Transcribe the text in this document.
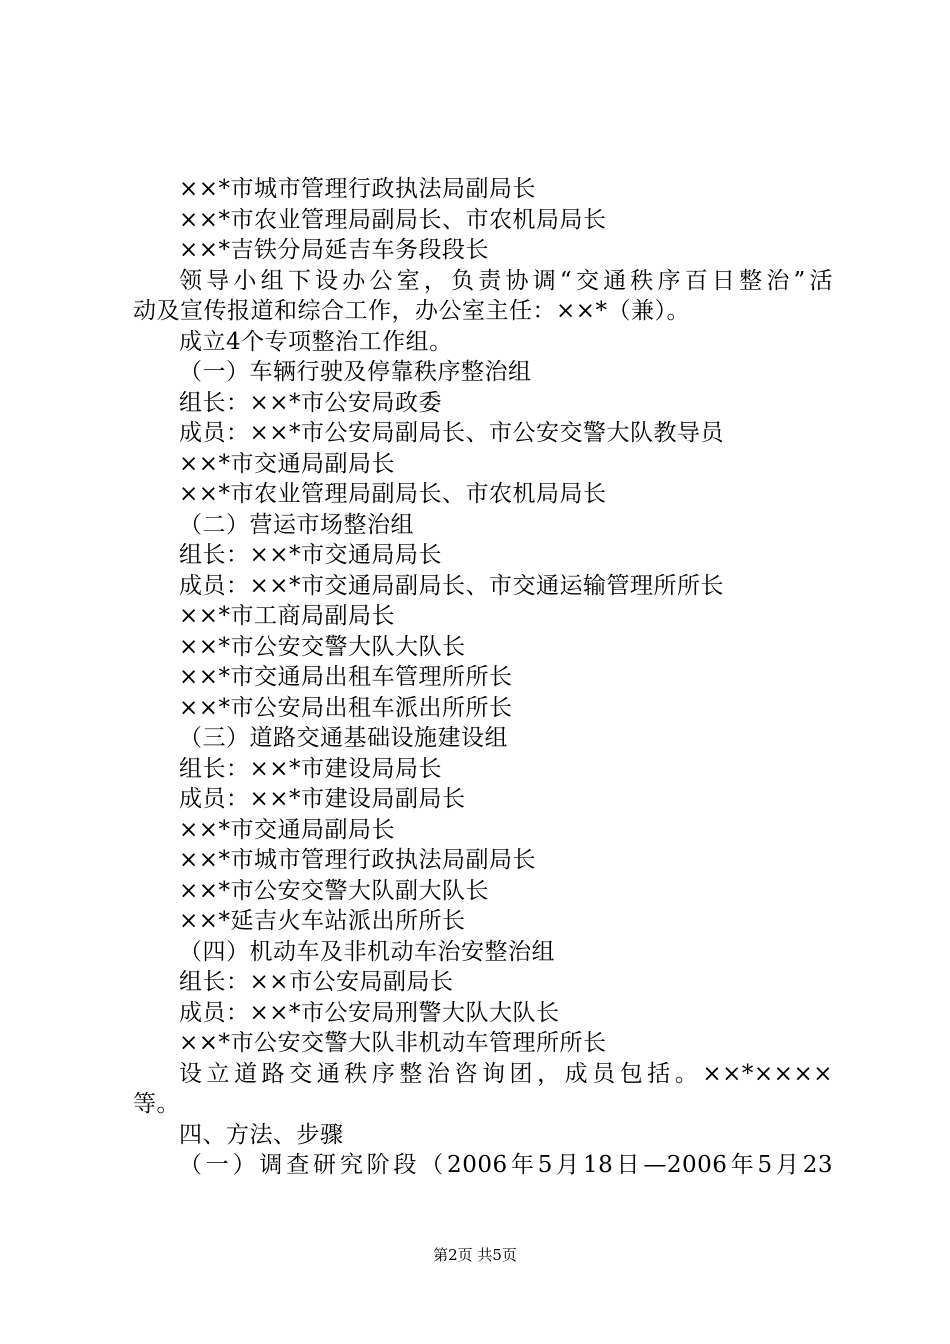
××*市城市管理行政执法局副局长
××*市农业管理局副局长、市农机局局长
××*吉铁分局延吉车务段段长
领导小组下设办公室，负责协调“交通秩序百日整治”活
动及宣传报道和综合工作，办公室主任：××*（兼）。
成立4个专项整治工作组。
（一）车辆行驶及停靠秩序整治组
组长：××*市公安局政委
成员：××*市公安局副局长、市公安交警大队教导员
××*市交通局副局长
××*市农业管理局副局长、市农机局局长
（二）营运市场整治组
组长：××*市交通局局长
成员：××*市交通局副局长、市交通运输管理所所长
××*市工商局副局长
××*市公安交警大队大队长
××*市交通局出租车管理所所长
××*市公安局出租车派出所所长
（三）道路交通基础设施建设组
组长：××*市建设局局长
成员：××*市建设局副局长
××*市交通局副局长
××*市城市管理行政执法局副局长
××*市公安交警大队副大队长
××*延吉火车站派出所所长
（四）机动车及非机动车治安整治组
组长：××市公安局副局长
成员：××*市公安局刑警大队大队长
××*市公安交警大队非机动车管理所所长
设立道路交通秩序整治咨询团，成员包括。××*××××
等。
四、方法、步骤
（一）调查研究阶段（2006年5月18日—2006年5月23
第2页 共5页
